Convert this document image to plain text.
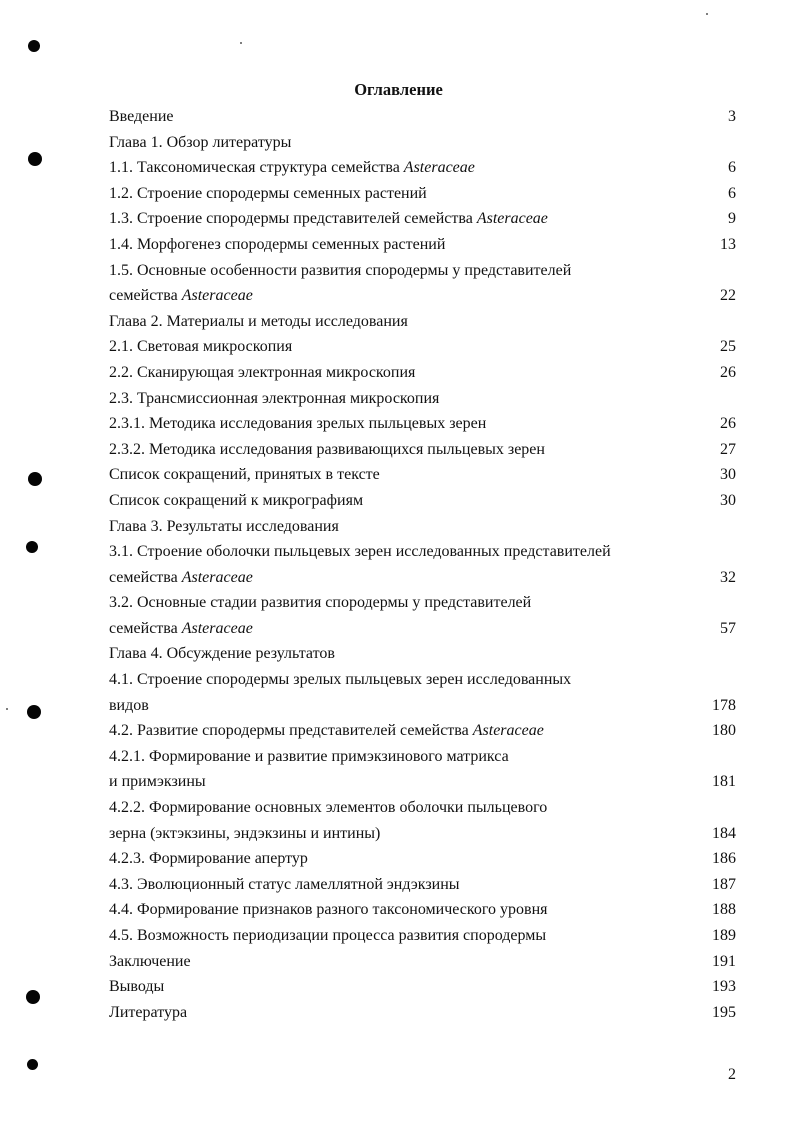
Оглавление
Введение	3
Глава 1. Обзор литературы
1.1. Таксономическая структура семейства Asteraceae	6
1.2. Строение спородермы семенных растений	6
1.3. Строение спородермы представителей семейства Asteraceae	9
1.4. Морфогенез спородермы семенных растений	13
1.5. Основные особенности развития спородермы у представителей
семейства Asteraceae	22
Глава 2. Материалы и методы исследования
2.1. Световая микроскопия	25
2.2. Сканирующая электронная микроскопия	26
2.3. Трансмиссионная электронная микроскопия
2.3.1. Методика исследования зрелых пыльцевых зерен	26
2.3.2. Методика исследования развивающихся пыльцевых зерен	27
Список сокращений, принятых в тексте	30
Список сокращений к микрографиям	30
Глава 3. Результаты исследования
3.1. Строение оболочки пыльцевых зерен исследованных представителей
семейства Asteraceae	32
3.2. Основные стадии развития спородермы у представителей
семейства Asteraceae	57
Глава 4. Обсуждение результатов
4.1. Строение спородермы зрелых пыльцевых зерен исследованных
видов	178
4.2. Развитие спородермы представителей семейства Asteraceae	180
4.2.1. Формирование и развитие примэкзинового матрикса
и примэкзины	181
4.2.2. Формирование основных элементов оболочки пыльцевого
зерна (эктэкзины, эндэкзины и интины)	184
4.2.3. Формирование апертур	186
4.3. Эволюционный статус ламеллятной эндэкзины	187
4.4. Формирование признаков разного таксономического уровня	188
4.5. Возможность периодизации процесса развития спородермы	189
Заключение	191
Выводы	193
Литература	195
2
